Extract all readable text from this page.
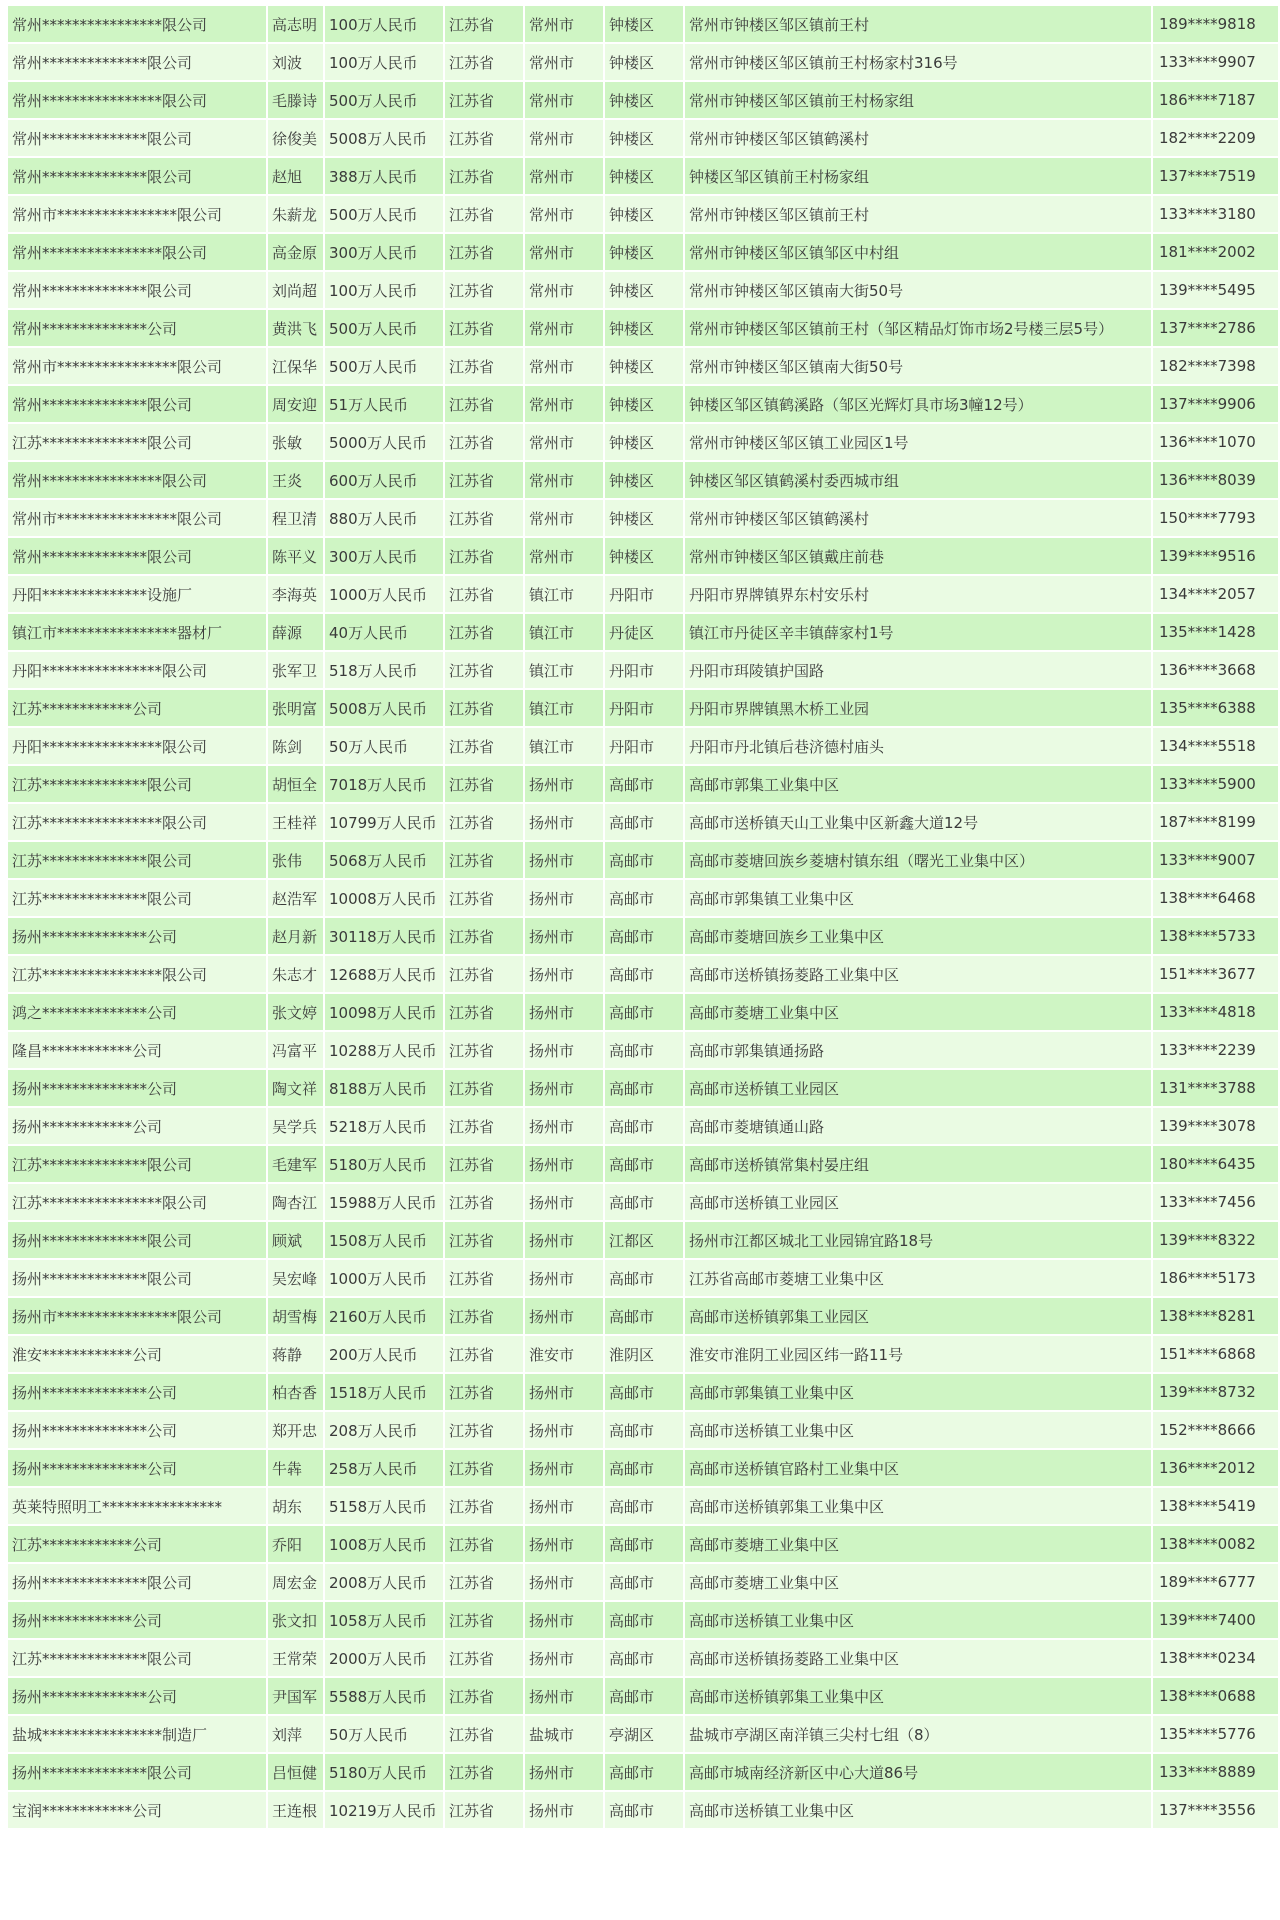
常州****************限公司	高志明	100万人民币	江苏省	常州市	钟楼区	常州市钟楼区邹区镇前王村	189****9818
常州**************限公司	刘波	100万人民币	江苏省	常州市	钟楼区	常州市钟楼区邹区镇前王村杨家村316号	133****9907
常州****************限公司	毛滕诗	500万人民币	江苏省	常州市	钟楼区	常州市钟楼区邹区镇前王村杨家组	186****7187
常州**************限公司	徐俊美	5008万人民币	江苏省	常州市	钟楼区	常州市钟楼区邹区镇鹤溪村	182****2209
常州**************限公司	赵旭	388万人民币	江苏省	常州市	钟楼区	钟楼区邹区镇前王村杨家组	137****7519
常州市****************限公司	朱薪龙	500万人民币	江苏省	常州市	钟楼区	常州市钟楼区邹区镇前王村	133****3180
常州****************限公司	高金原	300万人民币	江苏省	常州市	钟楼区	常州市钟楼区邹区镇邹区中村组	181****2002
常州**************限公司	刘尚超	100万人民币	江苏省	常州市	钟楼区	常州市钟楼区邹区镇南大街50号	139****5495
常州**************公司	黄洪飞	500万人民币	江苏省	常州市	钟楼区	常州市钟楼区邹区镇前王村（邹区精品灯饰市场2号楼三层5号）	137****2786
常州市****************限公司	江保华	500万人民币	江苏省	常州市	钟楼区	常州市钟楼区邹区镇南大街50号	182****7398
常州**************限公司	周安迎	51万人民币	江苏省	常州市	钟楼区	钟楼区邹区镇鹤溪路（邹区光辉灯具市场3幢12号）	137****9906
江苏**************限公司	张敏	5000万人民币	江苏省	常州市	钟楼区	常州市钟楼区邹区镇工业园区1号	136****1070
常州****************限公司	王炎	600万人民币	江苏省	常州市	钟楼区	钟楼区邹区镇鹤溪村委西城市组	136****8039
常州市****************限公司	程卫清	880万人民币	江苏省	常州市	钟楼区	常州市钟楼区邹区镇鹤溪村	150****7793
常州**************限公司	陈平义	300万人民币	江苏省	常州市	钟楼区	常州市钟楼区邹区镇戴庄前巷	139****9516
丹阳**************设施厂	李海英	1000万人民币	江苏省	镇江市	丹阳市	丹阳市界牌镇界东村安乐村	134****2057
镇江市****************器材厂	薛源	40万人民币	江苏省	镇江市	丹徒区	镇江市丹徒区辛丰镇薛家村1号	135****1428
丹阳****************限公司	张军卫	518万人民币	江苏省	镇江市	丹阳市	丹阳市珥陵镇护国路	136****3668
江苏************公司	张明富	5008万人民币	江苏省	镇江市	丹阳市	丹阳市界牌镇黑木桥工业园	135****6388
丹阳****************限公司	陈剑	50万人民币	江苏省	镇江市	丹阳市	丹阳市丹北镇后巷济德村庙头	134****5518
江苏**************限公司	胡恒全	7018万人民币	江苏省	扬州市	高邮市	高邮市郭集工业集中区	133****5900
江苏****************限公司	王桂祥	10799万人民币	江苏省	扬州市	高邮市	高邮市送桥镇天山工业集中区新鑫大道12号	187****8199
江苏**************限公司	张伟	5068万人民币	江苏省	扬州市	高邮市	高邮市菱塘回族乡菱塘村镇东组（曙光工业集中区）	133****9007
江苏**************限公司	赵浩军	10008万人民币	江苏省	扬州市	高邮市	高邮市郭集镇工业集中区	138****6468
扬州**************公司	赵月新	30118万人民币	江苏省	扬州市	高邮市	高邮市菱塘回族乡工业集中区	138****5733
江苏****************限公司	朱志才	12688万人民币	江苏省	扬州市	高邮市	高邮市送桥镇扬菱路工业集中区	151****3677
鸿之**************公司	张文婷	10098万人民币	江苏省	扬州市	高邮市	高邮市菱塘工业集中区	133****4818
隆昌************公司	冯富平	10288万人民币	江苏省	扬州市	高邮市	高邮市郭集镇通扬路	133****2239
扬州**************公司	陶文祥	8188万人民币	江苏省	扬州市	高邮市	高邮市送桥镇工业园区	131****3788
扬州************公司	吴学兵	5218万人民币	江苏省	扬州市	高邮市	高邮市菱塘镇通山路	139****3078
江苏**************限公司	毛建军	5180万人民币	江苏省	扬州市	高邮市	高邮市送桥镇常集村晏庄组	180****6435
江苏****************限公司	陶杏江	15988万人民币	江苏省	扬州市	高邮市	高邮市送桥镇工业园区	133****7456
扬州**************限公司	顾斌	1508万人民币	江苏省	扬州市	江都区	扬州市江都区城北工业园锦宜路18号	139****8322
扬州**************限公司	吴宏峰	1000万人民币	江苏省	扬州市	高邮市	江苏省高邮市菱塘工业集中区	186****5173
扬州市****************限公司	胡雪梅	2160万人民币	江苏省	扬州市	高邮市	高邮市送桥镇郭集工业园区	138****8281
淮安************公司	蒋静	200万人民币	江苏省	淮安市	淮阴区	淮安市淮阴工业园区纬一路11号	151****6868
扬州**************公司	柏杏香	1518万人民币	江苏省	扬州市	高邮市	高邮市郭集镇工业集中区	139****8732
扬州**************公司	郑开忠	208万人民币	江苏省	扬州市	高邮市	高邮市送桥镇工业集中区	152****8666
扬州**************公司	牛犇	258万人民币	江苏省	扬州市	高邮市	高邮市送桥镇官路村工业集中区	136****2012
英莱特照明工****************	胡东	5158万人民币	江苏省	扬州市	高邮市	高邮市送桥镇郭集工业集中区	138****5419
江苏************公司	乔阳	1008万人民币	江苏省	扬州市	高邮市	高邮市菱塘工业集中区	138****0082
扬州**************限公司	周宏金	2008万人民币	江苏省	扬州市	高邮市	高邮市菱塘工业集中区	189****6777
扬州************公司	张文扣	1058万人民币	江苏省	扬州市	高邮市	高邮市送桥镇工业集中区	139****7400
江苏**************限公司	王常荣	2000万人民币	江苏省	扬州市	高邮市	高邮市送桥镇扬菱路工业集中区	138****0234
扬州**************公司	尹国军	5588万人民币	江苏省	扬州市	高邮市	高邮市送桥镇郭集工业集中区	138****0688
盐城****************制造厂	刘萍	50万人民币	江苏省	盐城市	亭湖区	盐城市亭湖区南洋镇三尖村七组（8）	135****5776
扬州**************限公司	吕恒健	5180万人民币	江苏省	扬州市	高邮市	高邮市城南经济新区中心大道86号	133****8889
宝润************公司	王连根	10219万人民币	江苏省	扬州市	高邮市	高邮市送桥镇工业集中区	137****3556
